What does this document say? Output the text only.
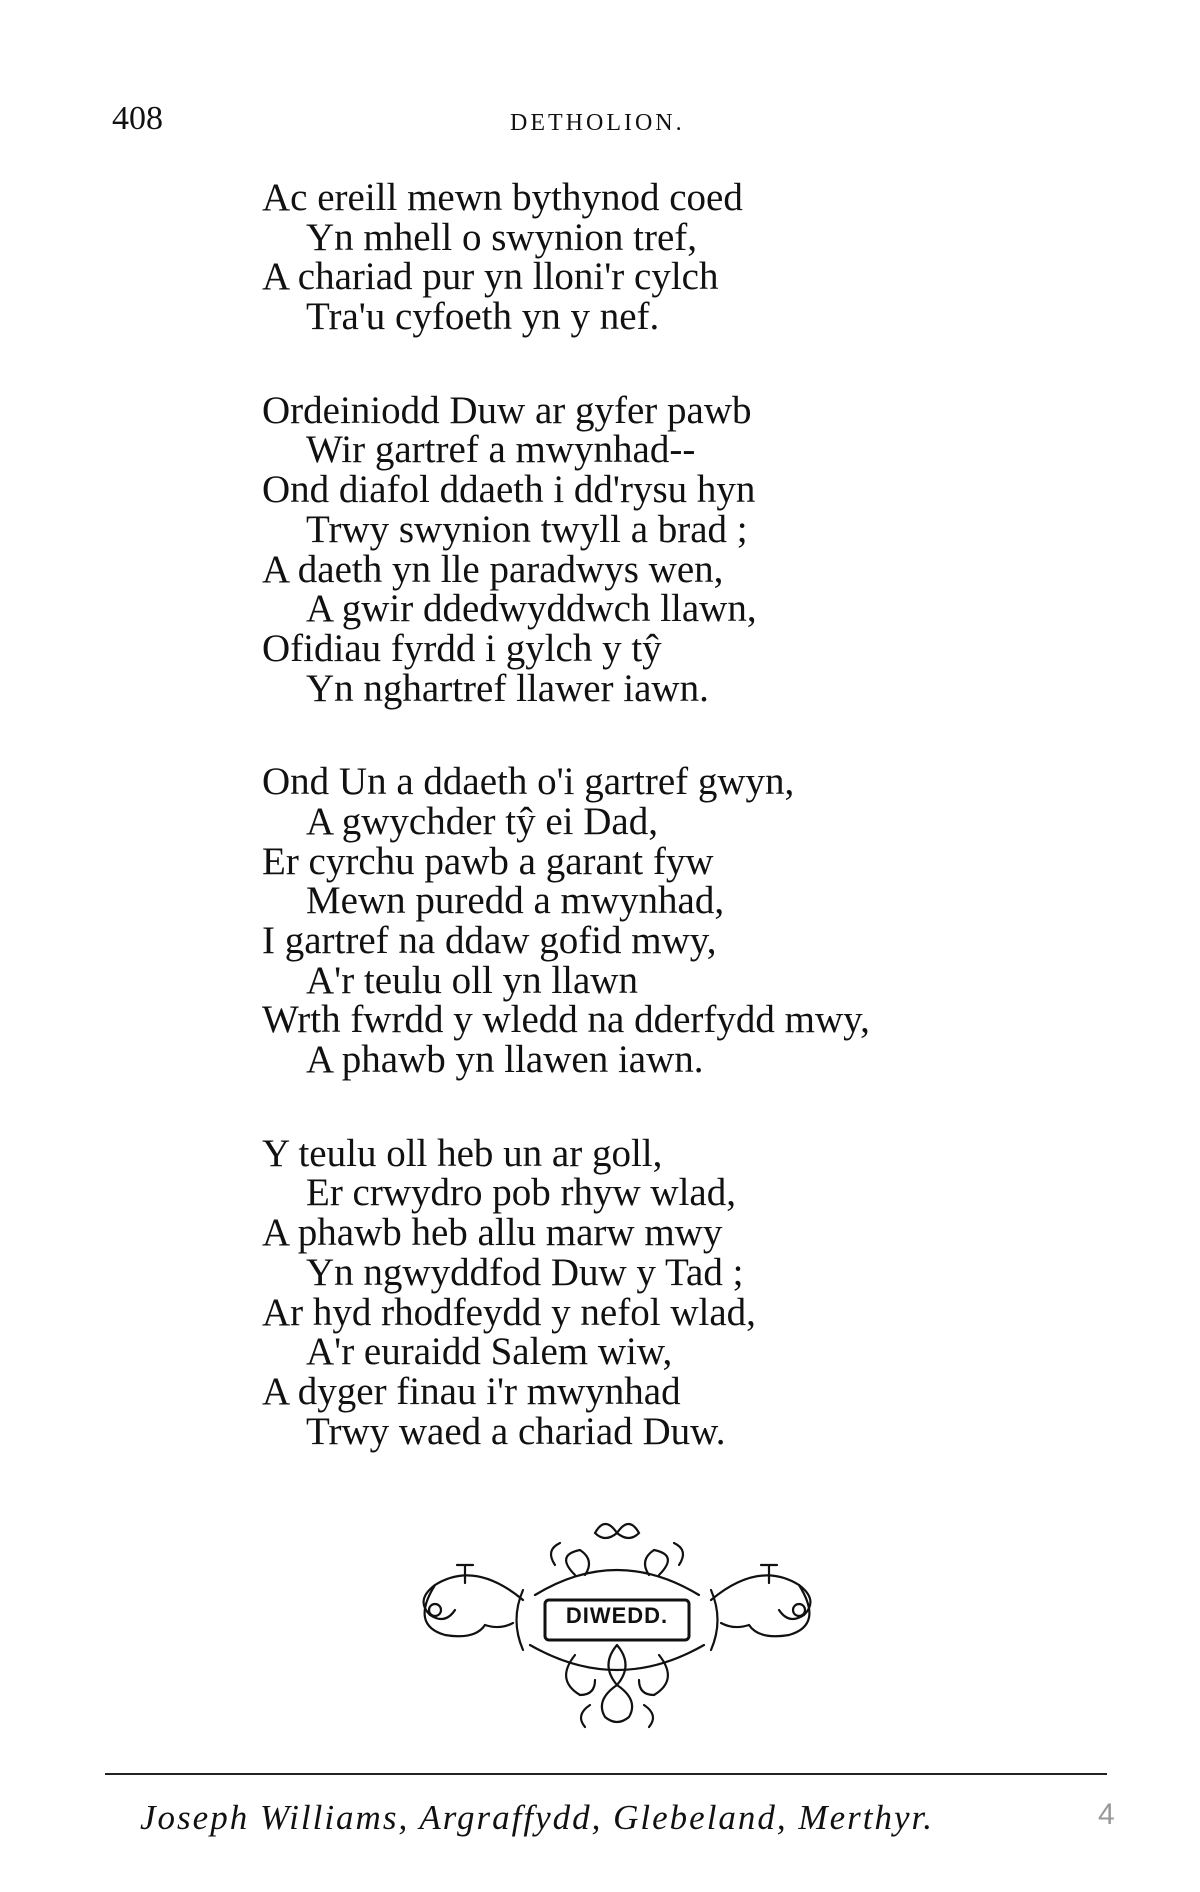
408	DETHOLION.
Ac ereill mewn bythynod coed
Yn mhell o swynion tref,
A chariad pur yn lloni'r cylch
Tra'u cyfoeth yn y nef.
Ordeiniodd Duw ar gyfer pawb
Wir gartref a mwynhad--
Ond diafol ddaeth i dd'rysu hyn
Trwy swynion twyll a brad ;
A daeth yn lle paradwys wen,
A gwir ddedwyddwch llawn,
Ofidiau fyrdd i gylch y tŷ
Yn nghartref llawer iawn.
Ond Un a ddaeth o'i gartref gwyn,
A gwychder tŷ ei Dad,
Er cyrchu pawb a garant fyw
Mewn puredd a mwynhad,
I gartref na ddaw gofid mwy,
A'r teulu oll yn llawn
Wrth fwrdd y wledd na dderfydd mwy,
A phawb yn llawen iawn.
Y teulu oll heb un ar goll,
Er crwydro pob rhyw wlad,
A phawb heb allu marw mwy
Yn ngwyddfod Duw y Tad ;
Ar hyd rhodfeydd y nefol wlad,
A'r euraidd Salem wiw,
A dyger finau i'r mwynhad
Trwy waed a chariad Duw.
DIWEDD.
Joseph Williams, Argraffydd, Glebeland, Merthyr.	4
